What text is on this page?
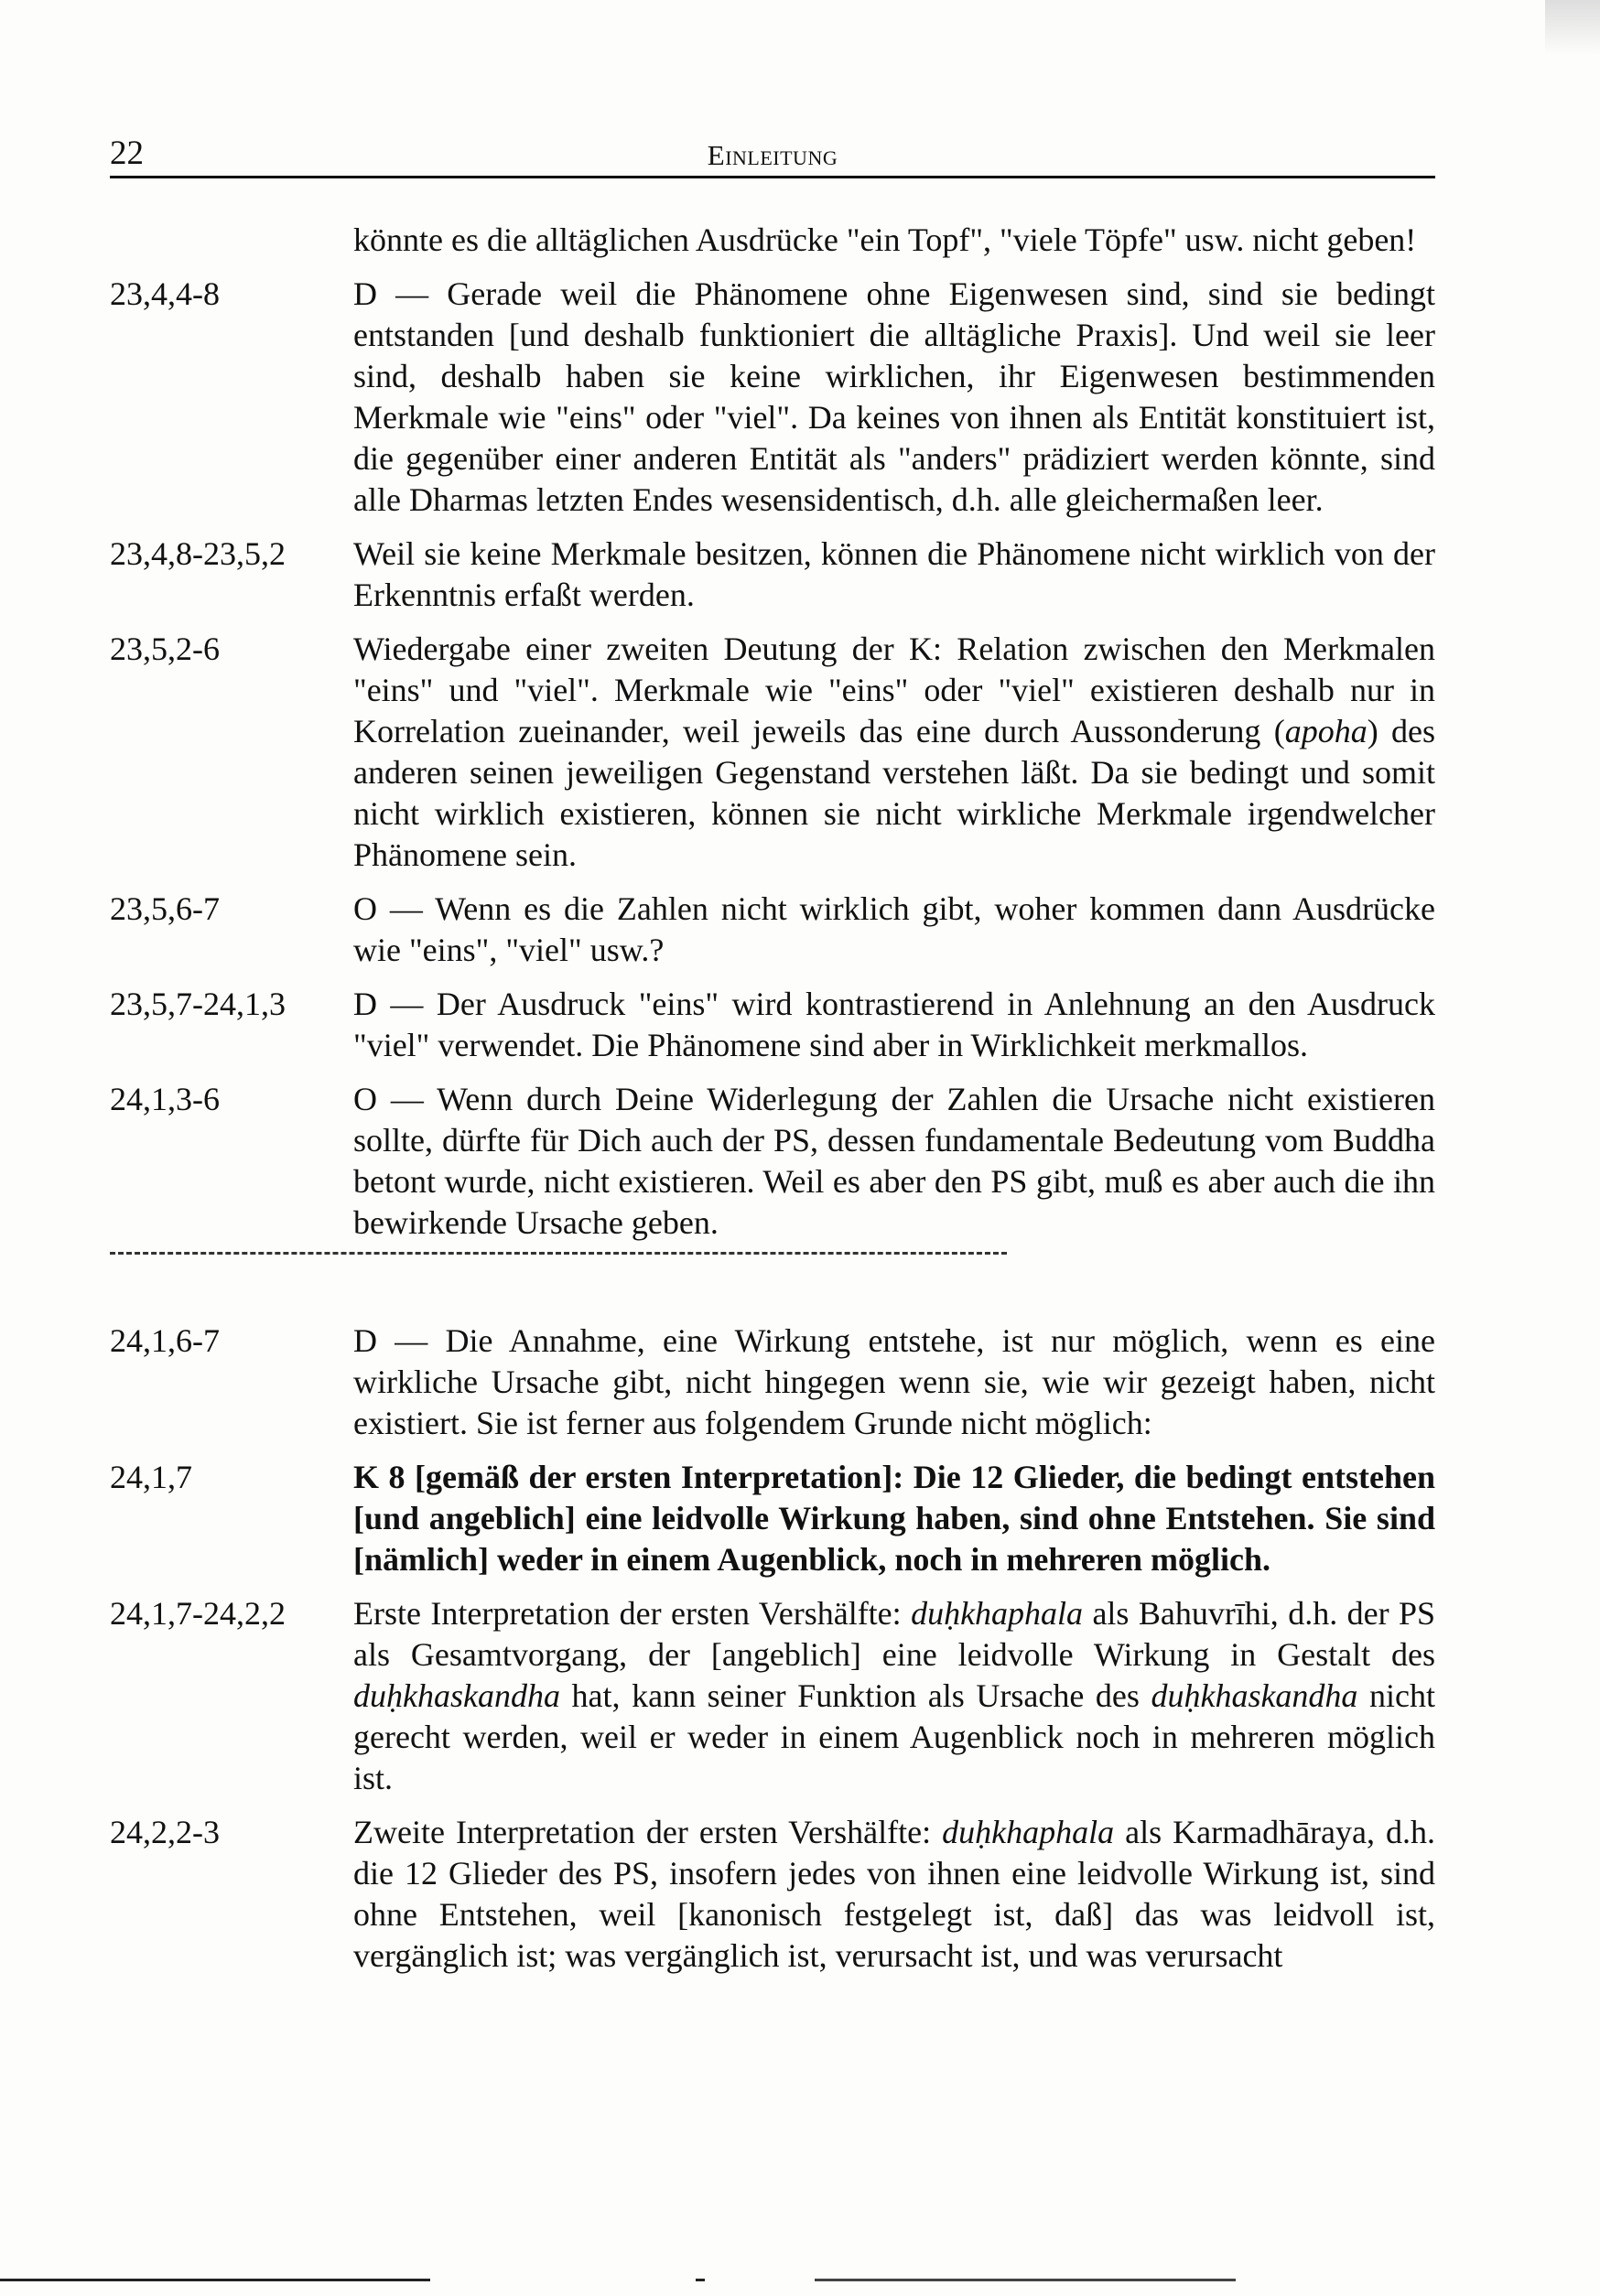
22	Einleitung
könnte es die alltäglichen Ausdrücke "ein Topf", "viele Töpfe" usw. nicht geben!
23,4,4-8	D — Gerade weil die Phänomene ohne Eigenwesen sind, sind sie bedingt entstanden [und deshalb funktioniert die alltägliche Praxis]. Und weil sie leer sind, deshalb haben sie keine wirklichen, ihr Eigenwesen bestimmenden Merkmale wie "eins" oder "viel". Da keines von ihnen als Entität konstituiert ist, die gegenüber einer anderen Entität als "anders" prädiziert werden könnte, sind alle Dharmas letzten Endes wesensidentisch, d.h. alle gleichermaßen leer.
23,4,8-23,5,2 Weil sie keine Merkmale besitzen, können die Phänomene nicht wirklich von der Erkenntnis erfaßt werden.
23,5,2-6	Wiedergabe einer zweiten Deutung der K: Relation zwischen den Merkmalen "eins" und "viel". Merkmale wie "eins" oder "viel" existieren deshalb nur in Korrelation zueinander, weil jeweils das eine durch Aussonderung (apoha) des anderen seinen jeweiligen Gegenstand verstehen läßt. Da sie bedingt und somit nicht wirklich existieren, können sie nicht wirkliche Merkmale irgendwelcher Phänomene sein.
23,5,6-7	O — Wenn es die Zahlen nicht wirklich gibt, woher kommen dann Ausdrücke wie "eins", "viel" usw.?
23,5,7-24,1,3 D — Der Ausdruck "eins" wird kontrastierend in Anlehnung an den Ausdruck "viel" verwendet. Die Phänomene sind aber in Wirklichkeit merkmallos.
24,1,3-6	O — Wenn durch Deine Widerlegung der Zahlen die Ursache nicht existieren sollte, dürfte für Dich auch der PS, dessen fundamentale Bedeutung vom Buddha betont wurde, nicht existieren. Weil es aber den PS gibt, muß es aber auch die ihn bewirkende Ursache geben.
24,1,6-7	D — Die Annahme, eine Wirkung entstehe, ist nur möglich, wenn es eine wirkliche Ursache gibt, nicht hingegen wenn sie, wie wir gezeigt haben, nicht existiert. Sie ist ferner aus folgendem Grunde nicht möglich:
24,1,7	K 8 [gemäß der ersten Interpretation]: Die 12 Glieder, die bedingt entstehen [und angeblich] eine leidvolle Wirkung haben, sind ohne Entstehen. Sie sind [nämlich] weder in einem Augenblick, noch in mehreren möglich.
24,1,7-24,2,2 Erste Interpretation der ersten Vershälfte: duḥkhaphala als Bahuvrīhi, d.h. der PS als Gesamtvorgang, der [angeblich] eine leidvolle Wirkung in Gestalt des duḥkhaskandha hat, kann seiner Funktion als Ursache des duḥkhaskandha nicht gerecht werden, weil er weder in einem Augenblick noch in mehreren möglich ist.
24,2,2-3	Zweite Interpretation der ersten Vershälfte: duḥkhaphala als Karmadhāraya, d.h. die 12 Glieder des PS, insofern jedes von ihnen eine leidvolle Wirkung ist, sind ohne Entstehen, weil [kanonisch festgelegt ist, daß] das was leidvoll ist, vergänglich ist; was vergänglich ist, verursacht ist, und was verursacht
